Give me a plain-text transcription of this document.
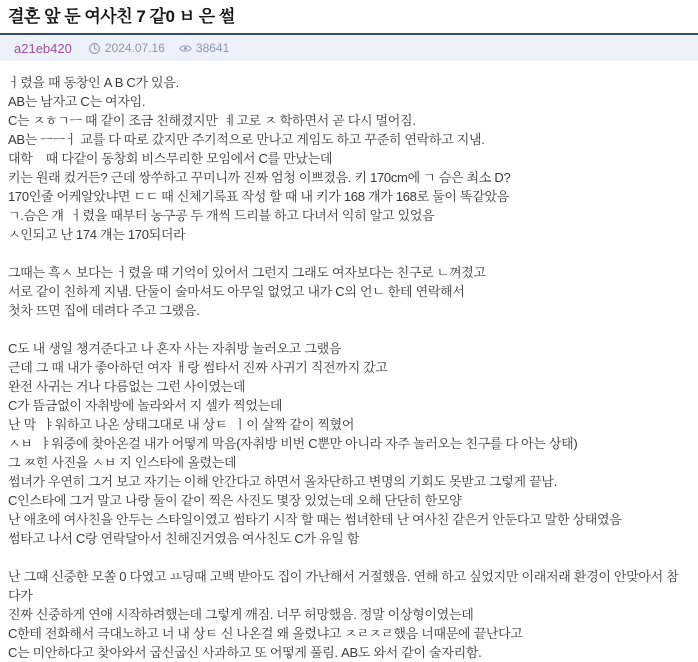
결혼 앞 둔 여사친 7 같0 ㅂ 은 썰
a21eb420	2024.07.16	38641
ㅓ렸을 때 동창인 A B C가 있음.
AB는 남자고 C는 여자임.
C는 ㅈㅎㄱㅡ 때 같이 조금 친해졌지만  ㅖ고로 ㅈ 학하면서 곧 다시 멀어짐.
AB는 ㅡㅡㅓ 교를 다 따로 갔지만 주기적으로 만나고 게임도 하고 꾸준히 연락하고 지냄.
대학    때 다같이 동창회 비스무리한 모임에서 C를 만났는데
키는 원래 컸거든? 근데 쌍쑤하고 꾸미니까 진짜 엄청 이쁘졌음. 키 170cm에 ㄱ 슴은 최소 D?
170인줄 어케알았냐면 ㄷㄷ 때 신체기록표 작성 할 때 내 키가 168 걔가 168로 둘이 똑같았음
ㄱ.슴은 걔  ㅓ렸을 때부터 농구공 두 개씩 드리블 하고 다녀서 익히 알고 있었음
ㅅ인되고 난 174 걔는 170되더라
그때는 흑ㅅ 보다는 ㅓ렸을 때 기억이 있어서 그런지 그래도 여자보다는 친구로 ㄴ껴졌고
서로 같이 친하게 지냄. 단둘이 술마셔도 아무일 없었고 내가 C의 언ㄴ 한테 연락해서
첫차 뜨면 집에 데려다 주고 그랬음.
C도 내 생일 챙겨준다고 나 혼자 사는 자취방 놀러오고 그랬음
근데 그 때 내가 좋아하던 여자 ㅐ랑 썸타서 진짜 사귀기 직전까지 갔고
완전 사귀는 거나 다름없는 그런 사이였는데
C가 뜸금없이 자취방에 놀라와서 지 셀카 찍었는데
난 막  ㅑ워하고 나온 상태그대로 내 상ㅌ  ㅣ이 살짝 같이 찍혔어
ㅅㅂ  ㅑ워중에 찾아온걸 내가 어떻게 막음(자취방 비번 C뿐만 아니라 자주 놀러오는 친구를 다 아는 상태)
그 ㅉ힌 사진을 ㅅㅂ 지 인스타에 올렸는데
썸녀가 우연히 그거 보고 자기는 이해 안간다고 하면서 올차단하고 변명의 기회도 못받고 그렇게 끝남.
C인스타에 그거 말고 나랑 둘이 같이 찍은 사진도 몇장 있었는데 오해 단단히 한모양
난 애초에 여사친을 안두는 스타일이였고 썸타기 시작 할 때는 썸녀한테 난 여사친 같은거 안둔다고 말한 상태였음
썸타고 나서 C랑 연락달아서 친해진거였음 여사친도 C가 유일 함
난 그때 신중한 모쏠 0 다였고 ㅛ딩때 고백 받아도 집이 가난해서 거절했음. 연해 하고 싶었지만 이래저래 환경이 안맞아서 참다가
진짜 신중하게 연애 시작하려했는데 그렇게 깨짐. 너무 허망했음. 정말 이상형이였는데
C한테 전화해서 극대노하고 너 내 상ㅌ 신 나온걸 왜 올렸냐고 ㅈㄹㅈㄹ했음 너때문에 끝난다고
C는 미안하다고 찾아와서 굽신굽신 사과하고 또 어떻게 풀림. AB도 와서 같이 술자리함.
